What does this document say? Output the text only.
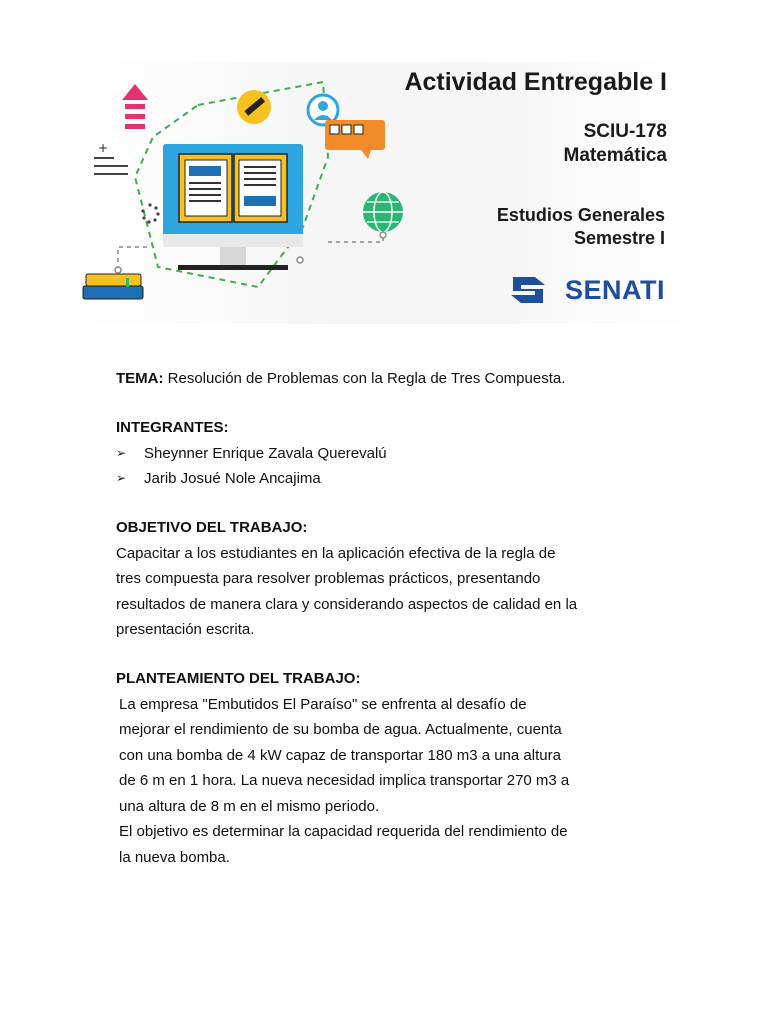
+
Actividad Entregable I
SCIU-178
Matemática
Estudios Generales
Semestre I
SENATI

TEMA: Resolución de Problemas con la Regla de Tres Compuesta.

INTEGRANTES:

➢	Sheynner Enrique Zavala Querevalú
➢	Jarib Josué Nole Ancajima

OBJETIVO DEL TRABAJO:

Capacitar a los estudiantes en la aplicación efectiva de la regla de

tres compuesta para resolver problemas prácticos, presentando

resultados de manera clara y considerando aspectos de calidad en la

presentación escrita.

PLANTEAMIENTO DEL TRABAJO:

La empresa "Embutidos El Paraíso" se enfrenta al desafío de

mejorar el rendimiento de su bomba de agua. Actualmente, cuenta

con una bomba de 4 kW capaz de transportar 180 m3 a una altura

de 6 m en 1 hora. La nueva necesidad implica transportar 270 m3 a

una altura de 8 m en el mismo periodo.

El objetivo es determinar la capacidad requerida del rendimiento de

la nueva bomba.
